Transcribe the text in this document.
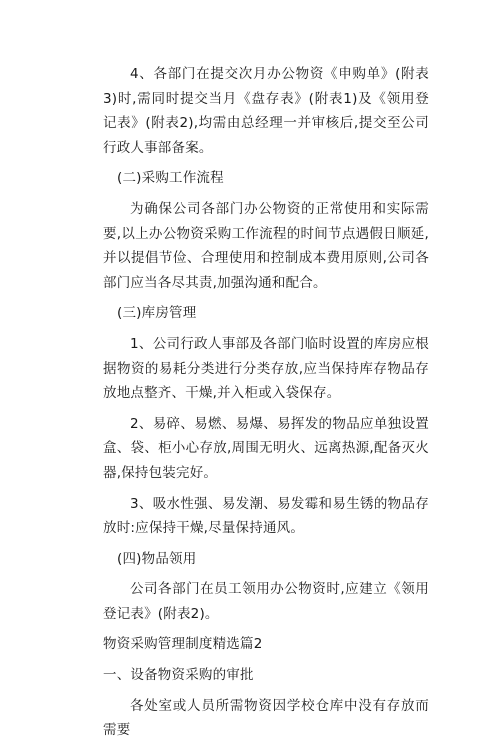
4、各部门在提交次月办公物资《申购单》(附表3)时,需同时提交当月《盘存表》(附表1)及《领用登记表》(附表2),均需由总经理一并审核后,提交至公司行政人事部备案。

(二)采购工作流程

为确保公司各部门办公物资的正常使用和实际需要,以上办公物资采购工作流程的时间节点遇假日顺延,并以提倡节俭、合理使用和控制成本费用原则,公司各部门应当各尽其责,加强沟通和配合。

(三)库房管理

1、公司行政人事部及各部门临时设置的库房应根据物资的易耗分类进行分类存放,应当保持库存物品存放地点整齐、干燥,并入柜或入袋保存。

2、易碎、易燃、易爆、易挥发的物品应单独设置盒、袋、柜小心存放,周围无明火、远离热源,配备灭火器,保持包装完好。

3、吸水性强、易发潮、易发霉和易生锈的物品存放时:应保持干燥,尽量保持通风。

(四)物品领用

公司各部门在员工领用办公物资时,应建立《领用登记表》(附表2)。

物资采购管理制度精选篇2

一、设备物资采购的审批

各处室或人员所需物资因学校仓库中没有存放而需要
